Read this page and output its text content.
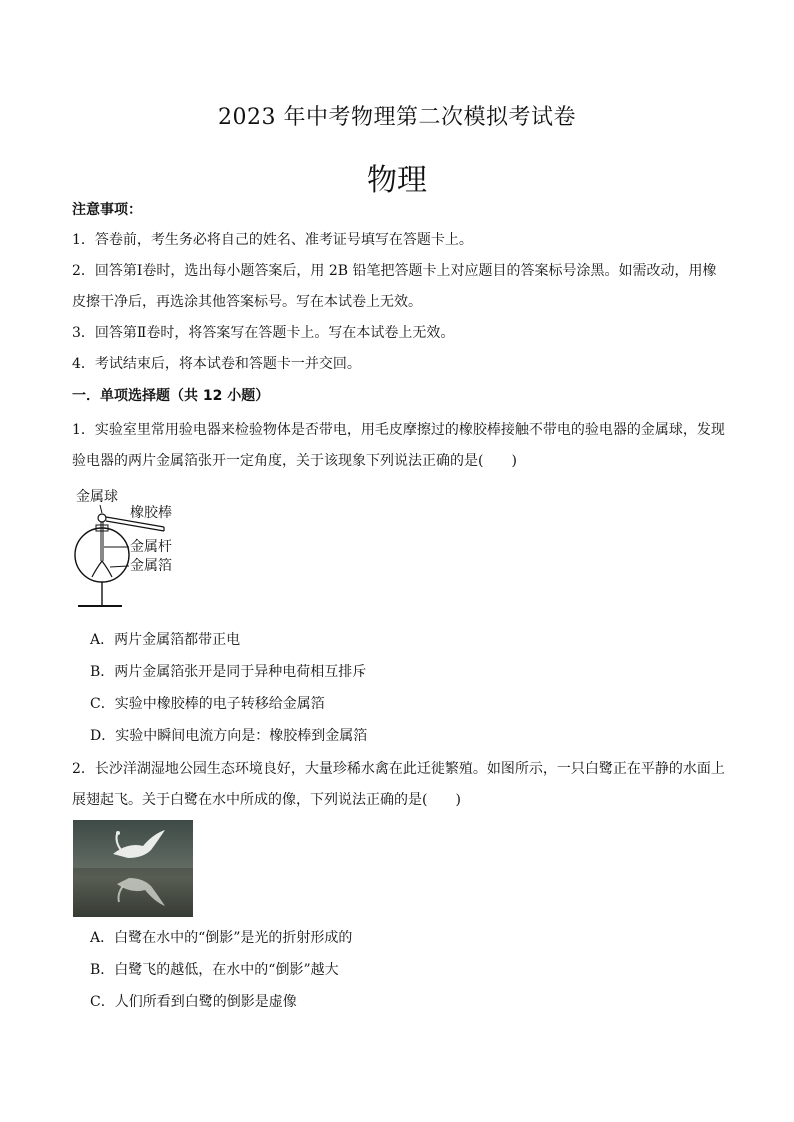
2023 年中考物理第二次模拟考试卷
物理
注意事项：
1．答卷前，考生务必将自己的姓名、准考证号填写在答题卡上。
2．回答第Ⅰ卷时，选出每小题答案后，用 2B 铅笔把答题卡上对应题目的答案标号涂黑。如需改动，用橡
皮擦干净后，再选涂其他答案标号。写在本试卷上无效。
3．回答第Ⅱ卷时，将答案写在答题卡上。写在本试卷上无效。
4．考试结束后，将本试卷和答题卡一并交回。
一．单项选择题（共 12 小题）
1．实验室里常用验电器来检验物体是否带电，用毛皮摩擦过的橡胶棒接触不带电的验电器的金属球，发现
验电器的两片金属箔张开一定角度，关于该现象下列说法正确的是(　　)
金属球
橡胶棒
金属杆
金属箔
A．两片金属箔都带正电
B．两片金属箔张开是同于异种电荷相互排斥
C．实验中橡胶棒的电子转移给金属箔
D．实验中瞬间电流方向是：橡胶棒到金属箔
2．长沙洋湖湿地公园生态环境良好，大量珍稀水禽在此迁徙繁殖。如图所示，一只白鹭正在平静的水面上
展翅起飞。关于白鹭在水中所成的像，下列说法正确的是(　　)
A．白鹭在水中的“倒影”是光的折射形成的
B．白鹭飞的越低，在水中的“倒影”越大
C．人们所看到白鹭的倒影是虚像
